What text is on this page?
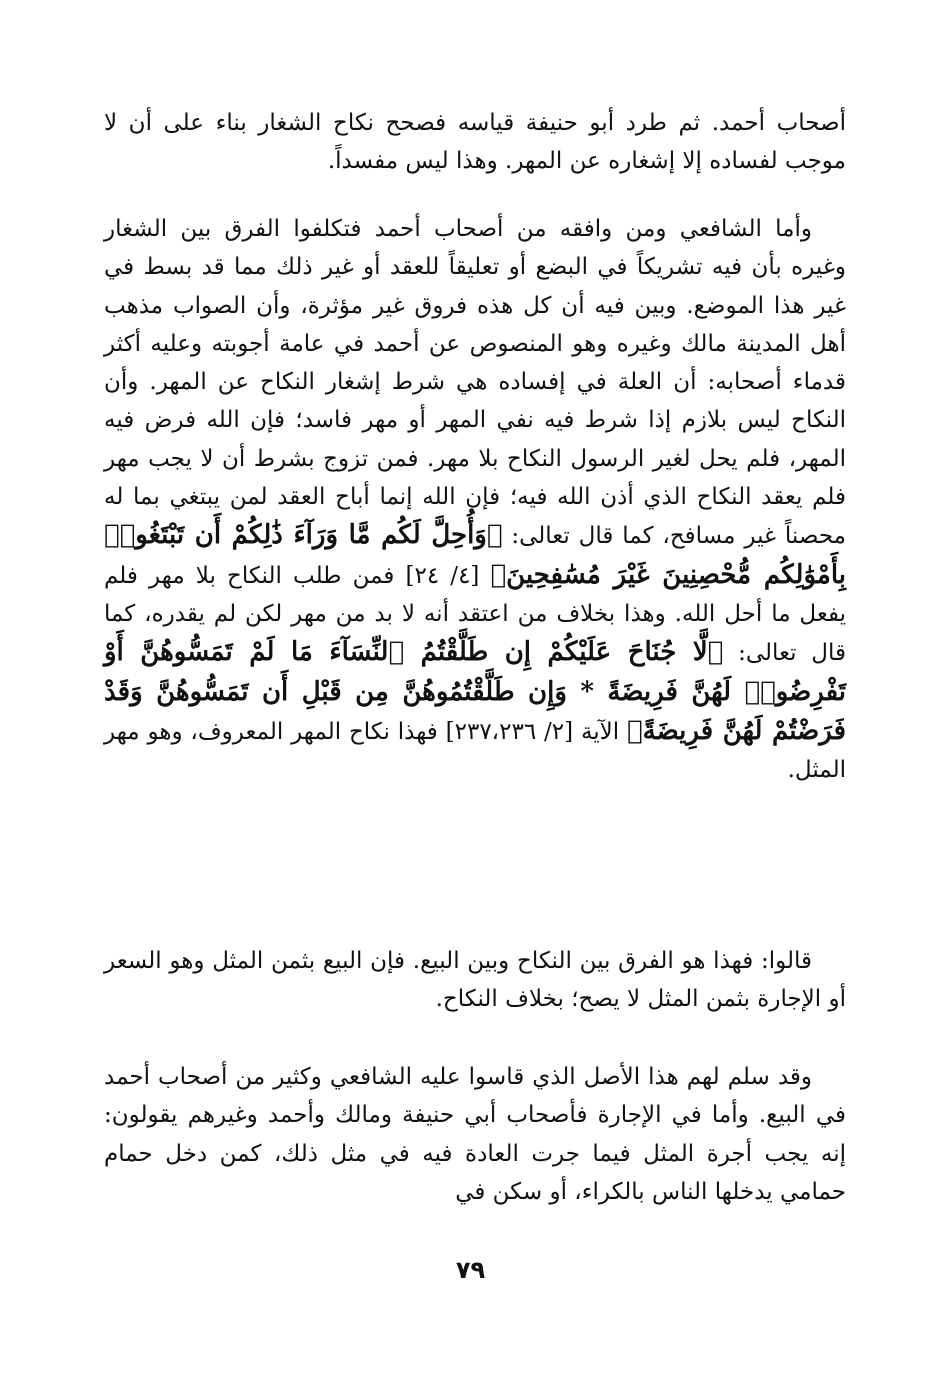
أصحاب أحمد. ثم طرد أبو حنيفة قياسه فصحح نكاح الشغار بناء على أن لا موجب لفساده إلا إشغاره عن المهر. وهذا ليس مفسداً.

وأما الشافعي ومن وافقه من أصحاب أحمد فتكلفوا الفرق بين الشغار وغيره بأن فيه تشريكاً في البضع أو تعليقاً للعقد أو غير ذلك مما قد بسط في غير هذا الموضع. وبين فيه أن كل هذه فروق غير مؤثرة، وأن الصواب مذهب أهل المدينة مالك وغيره وهو المنصوص عن أحمد في عامة أجوبته وعليه أكثر قدماء أصحابه: أن العلة في إفساده هي شرط إشغار النكاح عن المهر. وأن النكاح ليس بلازم إذا شرط فيه نفي المهر أو مهر فاسد؛ فإن الله فرض فيه المهر، فلم يحل لغير الرسول النكاح بلا مهر. فمن تزوج بشرط أن لا يجب مهر فلم يعقد النكاح الذي أذن الله فيه؛ فإن الله إنما أباح العقد لمن يبتغي بما له محصناً غير مسافح، كما قال تعالى: ﴿وَأُحِلَّ لَكُم مَّا وَرَآءَ ذَٰلِكُمْ أَن تَبْتَغُوا۟ بِأَمْوَٰلِكُم مُّحْصِنِينَ غَيْرَ مُسَٰفِحِينَ﴾ [٤/ ٢٤] فمن طلب النكاح بلا مهر فلم يفعل ما أحل الله. وهذا بخلاف من اعتقد أنه لا بد من مهر لكن لم يقدره، كما قال تعالى: ﴿لَّا جُنَاحَ عَلَيْكُمْ إِن طَلَّقْتُمُ ٱلنِّسَآءَ مَا لَمْ تَمَسُّوهُنَّ أَوْ تَفْرِضُوا۟ لَهُنَّ فَرِيضَةً * وَإِن طَلَّقْتُمُوهُنَّ مِن قَبْلِ أَن تَمَسُّوهُنَّ وَقَدْ فَرَضْتُمْ لَهُنَّ فَرِيضَةً﴾ الآية [٢/ ٢٣٧،٢٣٦] فهذا نكاح المهر المعروف، وهو مهر المثل.

قالوا: فهذا هو الفرق بين النكاح وبين البيع. فإن البيع بثمن المثل وهو السعر أو الإجارة بثمن المثل لا يصح؛ بخلاف النكاح.

وقد سلم لهم هذا الأصل الذي قاسوا عليه الشافعي وكثير من أصحاب أحمد في البيع. وأما في الإجارة فأصحاب أبي حنيفة ومالك وأحمد وغيرهم يقولون: إنه يجب أجرة المثل فيما جرت العادة فيه في مثل ذلك، كمن دخل حمام حمامي يدخلها الناس بالكراء، أو سكن في

٧٩
